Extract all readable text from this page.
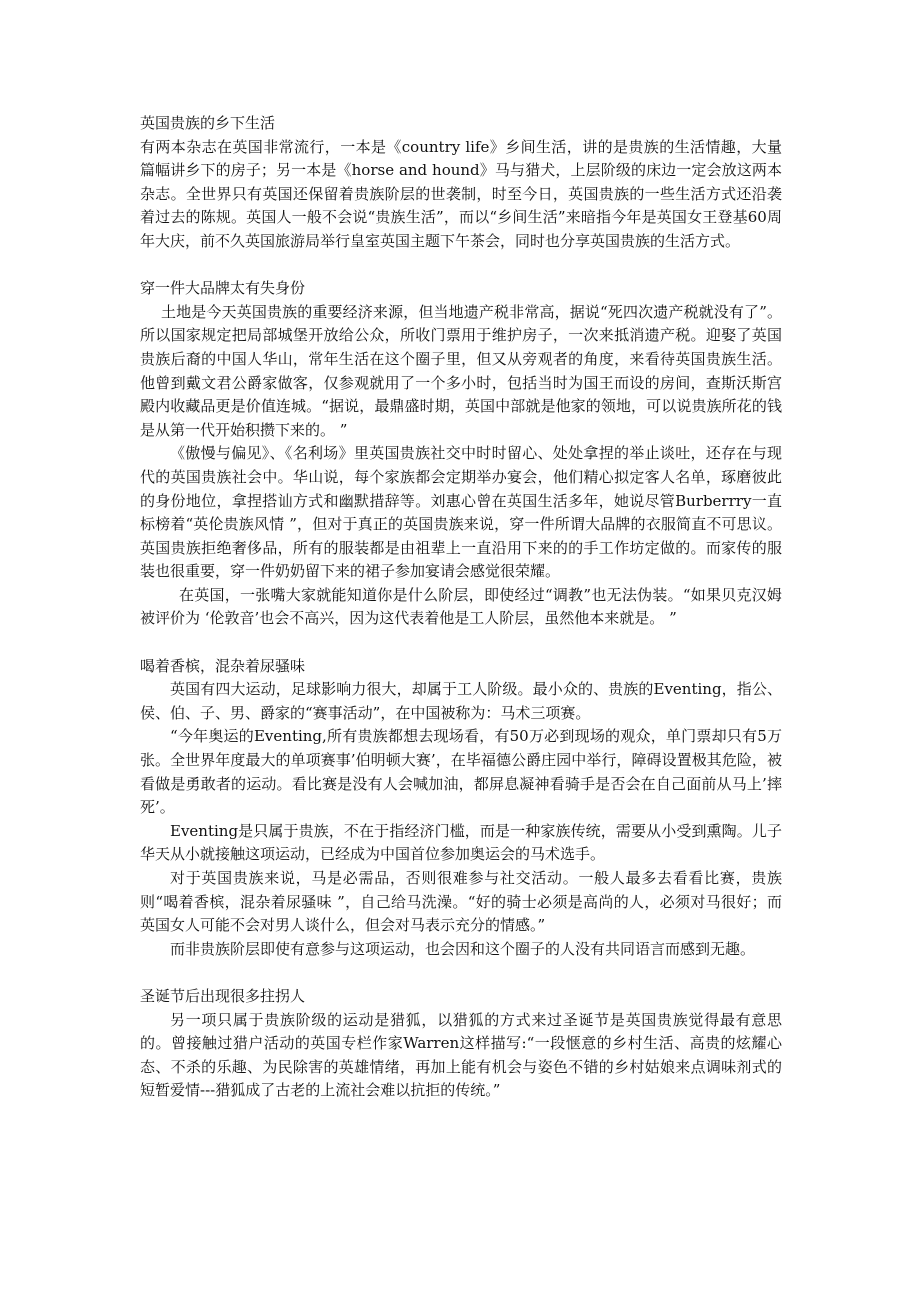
英国贵族的乡下生活

有两本杂志在英国非常流行，一本是《country life》乡间生活，讲的是贵族的生活情趣，大量篇幅讲乡下的房子；另一本是《horse and hound》马与猎犬，上层阶级的床边一定会放这两本杂志。全世界只有英国还保留着贵族阶层的世袭制，时至今日，英国贵族的一些生活方式还沿袭着过去的陈规。英国人一般不会说“贵族生活”，而以“乡间生活”来暗指今年是英国女王登基60周年大庆，前不久英国旅游局举行皇室英国主题下午茶会，同时也分享英国贵族的生活方式。

穿一件大品牌太有失身份

土地是今天英国贵族的重要经济来源，但当地遗产税非常高，据说“死四次遗产税就没有了”。所以国家规定把局部城堡开放给公众，所收门票用于维护房子，一次来抵消遗产税。迎娶了英国贵族后裔的中国人华山，常年生活在这个圈子里，但又从旁观者的角度，来看待英国贵族生活。他曾到戴文君公爵家做客，仅参观就用了一个多小时，包括当时为国王而设的房间，查斯沃斯宫殿内收藏品更是价值连城。“据说，最鼎盛时期，英国中部就是他家的领地，可以说贵族所花的钱是从第一代开始积攒下来的。 ”

《傲慢与偏见》、《名利场》里英国贵族社交中时时留心、处处拿捏的举止谈吐，还存在与现代的英国贵族社会中。华山说，每个家族都会定期举办宴会，他们精心拟定客人名单，琢磨彼此的身份地位，拿捏搭讪方式和幽默措辞等。刘惠心曾在英国生活多年，她说尽管Burberrry一直标榜着“英伦贵族风情 ”，但对于真正的英国贵族来说，穿一件所谓大品牌的衣服简直不可思议。英国贵族拒绝奢侈品，所有的服装都是由祖辈上一直沿用下来的的手工作坊定做的。而家传的服装也很重要，穿一件奶奶留下来的裙子参加宴请会感觉很荣耀。

在英国，一张嘴大家就能知道你是什么阶层，即使经过“调教”也无法伪装。“如果贝克汉姆被评价为 ‘伦敦音’也会不高兴，因为这代表着他是工人阶层，虽然他本来就是。 ”

喝着香槟，混杂着尿骚味

英国有四大运动，足球影响力很大，却属于工人阶级。最小众的、贵族的Eventing，指公、侯、伯、子、男、爵家的“赛事活动”，在中国被称为：马术三项赛。

“今年奥运的Eventing,所有贵族都想去现场看，有50万必到现场的观众，单门票却只有5万张。全世界年度最大的单项赛事’伯明顿大赛’，在毕福德公爵庄园中举行，障碍设置极其危险，被看做是勇敢者的运动。看比赛是没有人会喊加油，都屏息凝神看骑手是否会在自己面前从马上’摔死’。

Eventing是只属于贵族，不在于指经济门槛，而是一种家族传统，需要从小受到熏陶。儿子华天从小就接触这项运动，已经成为中国首位参加奥运会的马术选手。

对于英国贵族来说，马是必需品，否则很难参与社交活动。一般人最多去看看比赛，贵族则“喝着香槟，混杂着尿骚味 ”，自己给马洗澡。“好的骑士必须是高尚的人，必须对马很好；而英国女人可能不会对男人谈什么，但会对马表示充分的情感。”

而非贵族阶层即使有意参与这项运动，也会因和这个圈子的人没有共同语言而感到无趣。

圣诞节后出现很多拄拐人

另一项只属于贵族阶级的运动是猎狐，以猎狐的方式来过圣诞节是英国贵族觉得最有意思的。曾接触过猎户活动的英国专栏作家Warren这样描写:“一段惬意的乡村生活、高贵的炫耀心态、不杀的乐趣、为民除害的英雄情绪，再加上能有机会与姿色不错的乡村姑娘来点调味剂式的短暂爱情---猎狐成了古老的上流社会难以抗拒的传统。”
